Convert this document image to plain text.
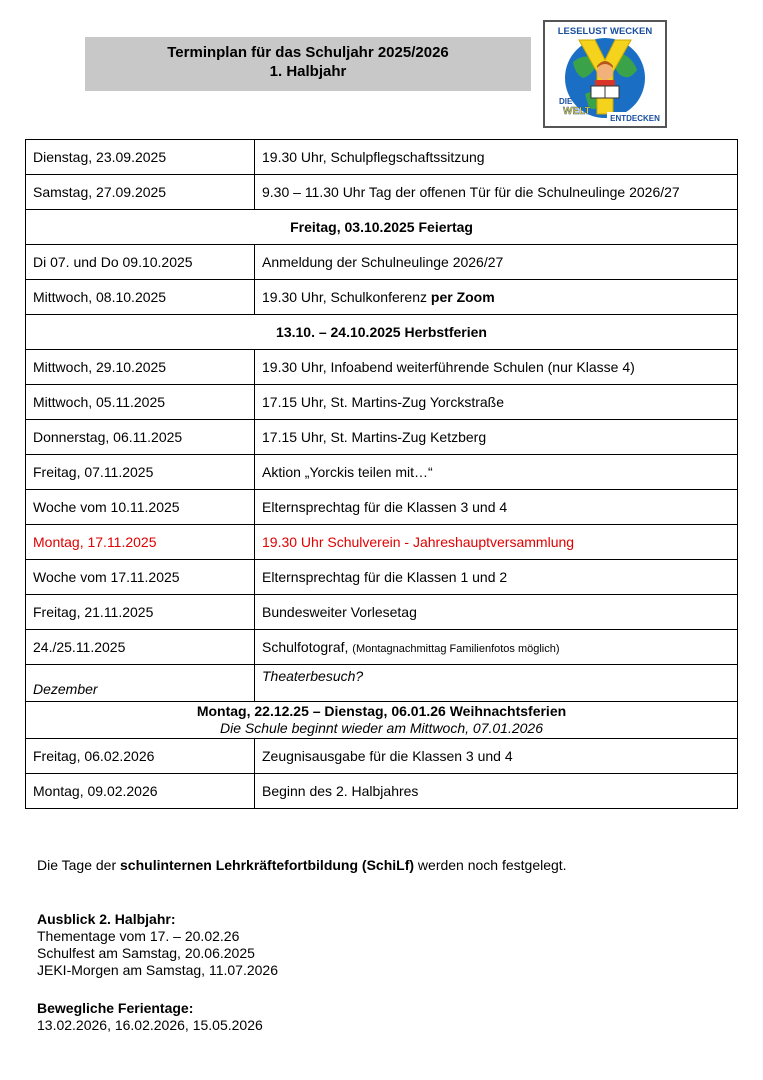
Terminplan für das Schuljahr 2025/2026
1. Halbjahr
LESELUST WECKEN
DIE
WELT
ENTDECKEN
Dienstag, 23.09.2025	19.30 Uhr, Schulpflegschaftssitzung
Samstag, 27.09.2025	9.30 – 11.30 Uhr Tag der offenen Tür für die Schulneulinge 2026/27
Freitag, 03.10.2025 Feiertag	
Di 07. und Do 09.10.2025	Anmeldung der Schulneulinge 2026/27
Mittwoch, 08.10.2025	19.30 Uhr, Schulkonferenz per Zoom
13.10. – 24.10.2025 Herbstferien	
Mittwoch, 29.10.2025	19.30 Uhr, Infoabend weiterführende Schulen (nur Klasse 4)
Mittwoch, 05.11.2025	17.15 Uhr, St. Martins-Zug Yorckstraße
Donnerstag, 06.11.2025	17.15 Uhr, St. Martins-Zug Ketzberg
Freitag, 07.11.2025	Aktion „Yorckis teilen mit…“
Woche vom 10.11.2025	Elternsprechtag für die Klassen 3 und 4
Montag, 17.11.2025	19.30 Uhr Schulverein - Jahreshauptversammlung
Woche vom 17.11.2025	Elternsprechtag für die Klassen 1 und 2
Freitag, 21.11.2025	Bundesweiter Vorlesetag
24./25.11.2025	Schulfotograf, (Montagnachmittag Familienfotos möglich)
Dezember	Theaterbesuch?

Montag, 22.12.25 – Dienstag, 06.01.26 Weihnachtsferien
Die Schule beginnt wieder am Mittwoch, 07.01.2026	

Freitag, 06.02.2026	Zeugnisausgabe für die Klassen 3 und 4
Montag, 09.02.2026	Beginn des 2. Halbjahres
Die Tage der schulinternen Lehrkräftefortbildung (SchiLf) werden noch festgelegt.
Ausblick 2. Halbjahr:
Thementage vom 17. – 20.02.26
Schulfest am Samstag, 20.06.2025
JEKI-Morgen am Samstag, 11.07.2026
Bewegliche Ferientage:
13.02.2026, 16.02.2026, 15.05.2026
